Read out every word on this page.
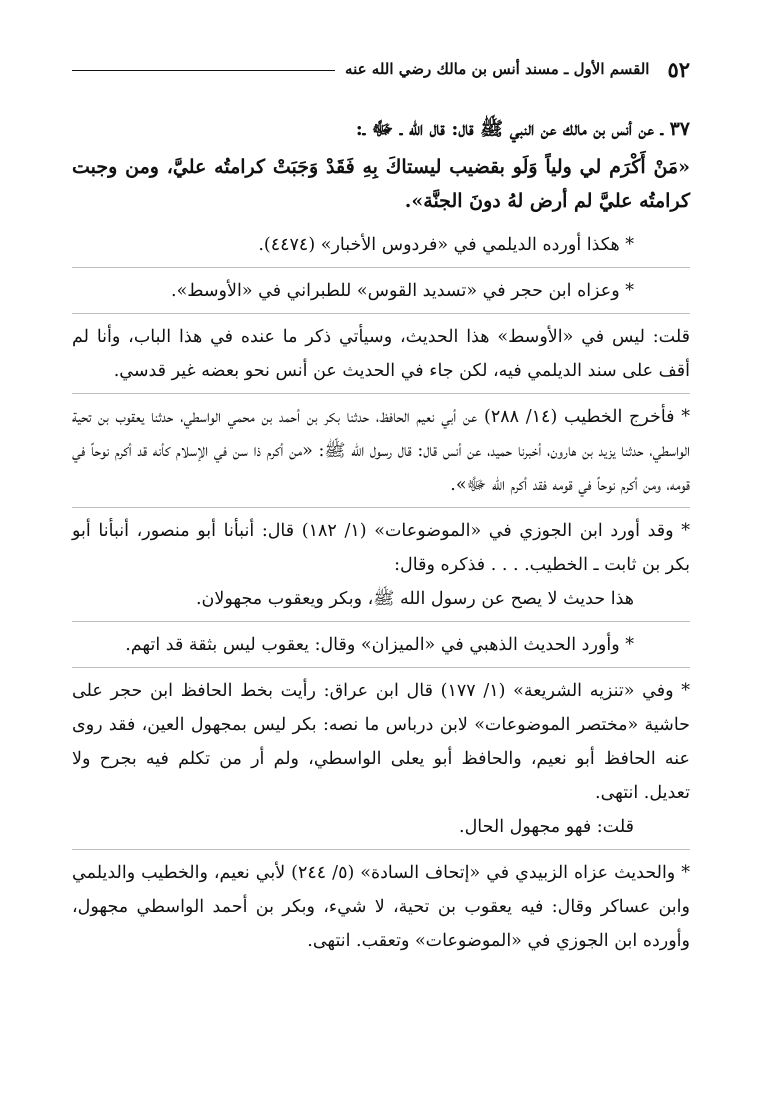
٥٢
القسم الأول ـ مسند أنس بن مالك رضي الله عنه

٣٧ ـ عن أنس بن مالك عن النبي ﷺ قال: قال الله ـ ﷻ ـ:

«مَنْ أَكْرَم لي ولياً وَلَو بقضيب ليستاكَ بِهِ فَقَدْ وَجَبَتْ كرامتُه عليَّ، ومن وجبت كرامتُه عليَّ لم أرض لهُ دونَ الجنَّة».

* هكذا أورده الديلمي في «فردوس الأخبار» (٤٤٧٤).

* وعزاه ابن حجر في «تسديد القوس» للطبراني في «الأوسط».

قلت: ليس في «الأوسط» هذا الحديث، وسيأتي ذكر ما عنده في هذا الباب، وأنا لم أقف على سند الديلمي فيه، لكن جاء في الحديث عن أنس نحو بعضه غير قدسي.

* فأخرج الخطيب (١٤/ ٢٨٨) عن أبي نعيم الحافظ، حدثنا بكر بن أحمد بن محمي الواسطي، حدثنا يعقوب بن تحية الواسطي، حدثنا يزيد بن هارون، أخبرنا حميد، عن أنس قال: قال رسول الله ﷺ: «من أكرم ذا سن في الإسلام كأنه قد أكرم نوحاً في قومه، ومن أكرم نوحاً في قومه فقد أكرم الله ﷻ».

* وقد أورد ابن الجوزي في «الموضوعات» (١/ ١٨٢) قال: أنبأنا أبو منصور، أنبأنا أبو بكر بن ثابت ـ الخطيب. . . . فذكره وقال:

هذا حديث لا يصح عن رسول الله ﷺ، وبكر ويعقوب مجهولان.

* وأورد الحديث الذهبي في «الميزان» وقال: يعقوب ليس بثقة قد اتهم.

* وفي «تنزيه الشريعة» (١/ ١٧٧) قال ابن عراق: رأيت بخط الحافظ ابن حجر على حاشية «مختصر الموضوعات» لابن درباس ما نصه: بكر ليس بمجهول العين، فقد روى عنه الحافظ أبو نعيم، والحافظ أبو يعلى الواسطي، ولم أر من تكلم فيه بجرح ولا تعديل. انتهى.

قلت: فهو مجهول الحال.

* والحديث عزاه الزبيدي في «إتحاف السادة» (٥/ ٢٤٤) لأبي نعيم، والخطيب والديلمي وابن عساكر وقال: فيه يعقوب بن تحية، لا شيء، وبكر بن أحمد الواسطي مجهول، وأورده ابن الجوزي في «الموضوعات» وتعقب. انتهى.
